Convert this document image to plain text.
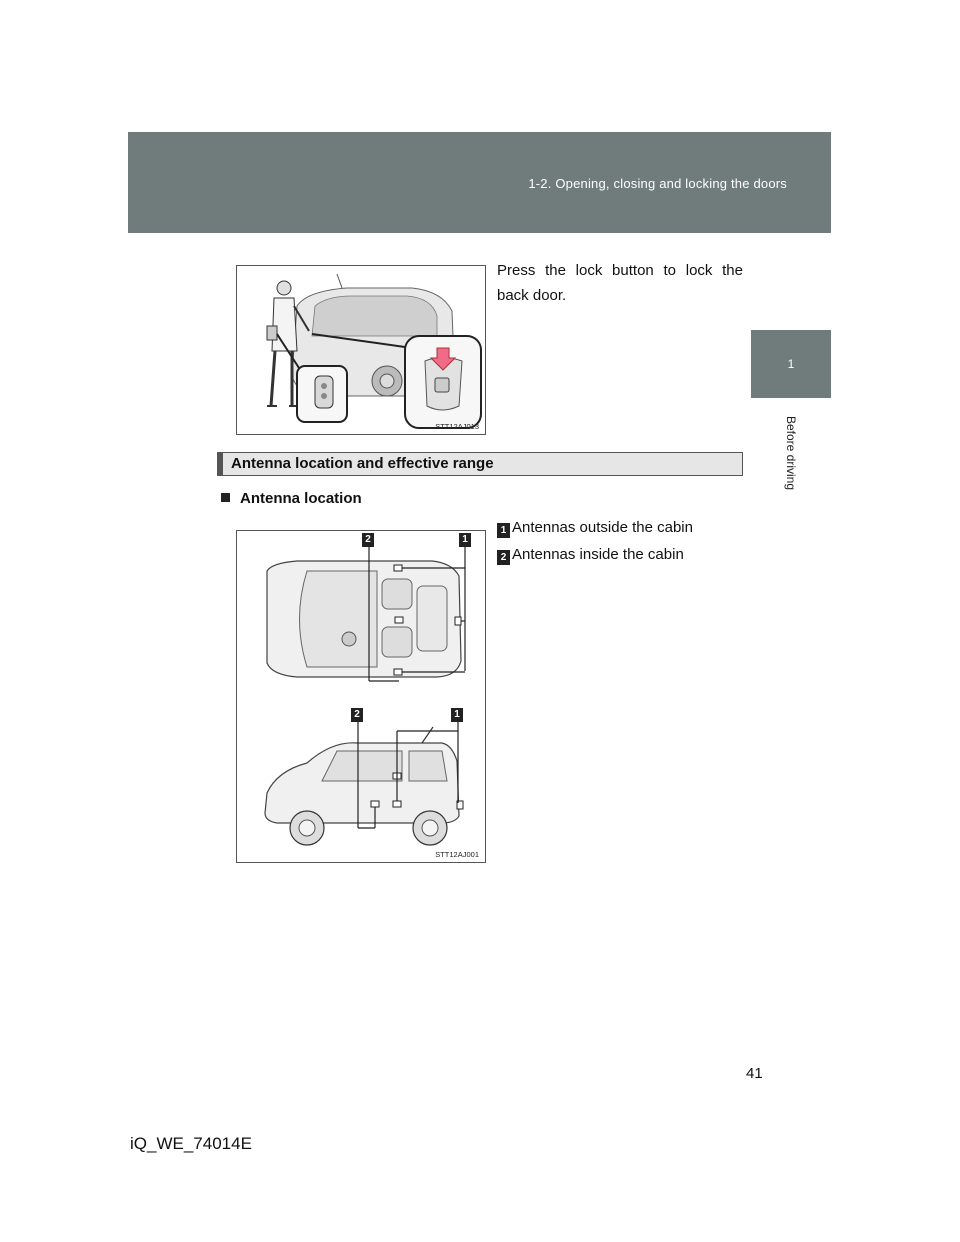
1-2. Opening, closing and locking the doors
1
Before driving
STT12AJ013
Press the lock button to lock the back door.
Antenna location and effective range
Antenna location
1 Antennas outside the cabin
2 Antennas inside the cabin
2	1
2	1
STT12AJ001
41
iQ_WE_74014E
